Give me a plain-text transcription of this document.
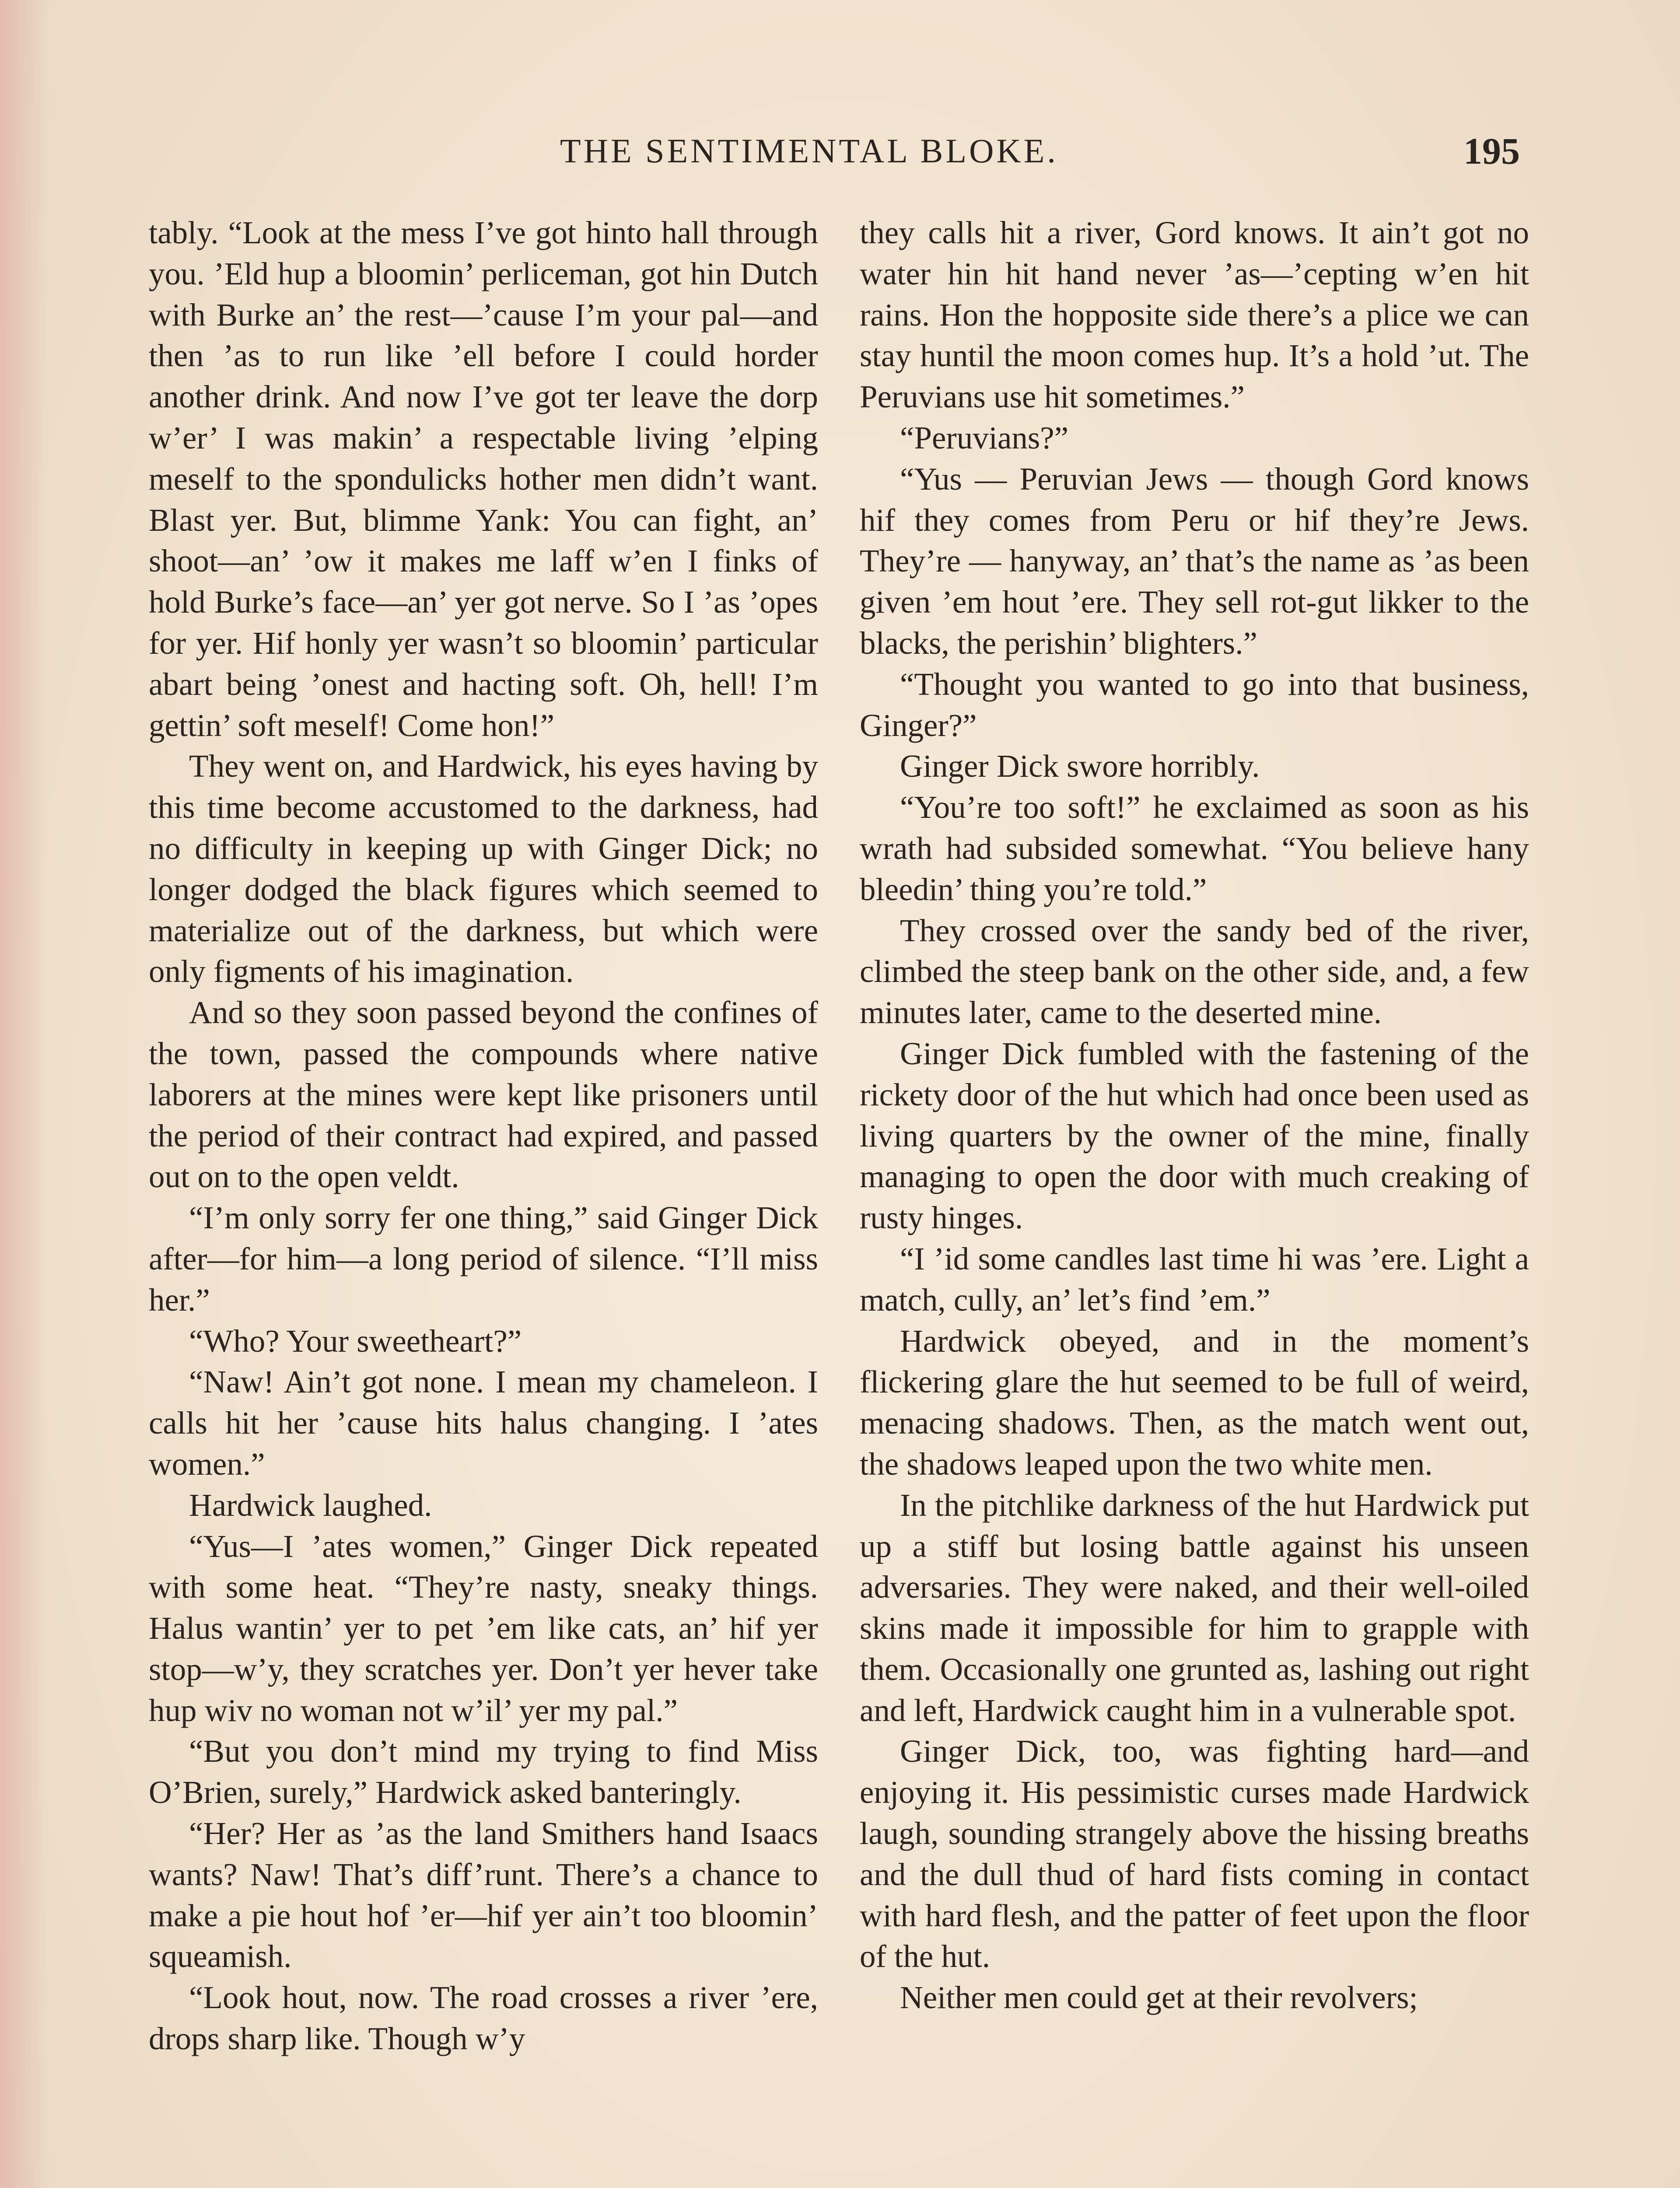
THE SENTIMENTAL BLOKE.	195

tably. “Look at the mess I’ve got hinto hall through you. ’Eld hup a bloomin’ perliceman, got hin Dutch with Burke an’ the rest—’cause I’m your pal—and then ’as to run like ’ell before I could horder another drink. And now I’ve got ter leave the dorp w’er’ I was makin’ a respectable living ’elping meself to the spondulicks hother men didn’t want. Blast yer. But, blimme Yank: You can fight, an’ shoot—an’ ’ow it makes me laff w’en I finks of hold Burke’s face—an’ yer got nerve. So I ’as ’opes for yer. Hif honly yer wasn’t so bloomin’ particular abart being ’onest and hacting soft. Oh, hell! I’m gettin’ soft meself! Come hon!”

They went on, and Hardwick, his eyes having by this time become accustomed to the darkness, had no difficulty in keeping up with Ginger Dick; no longer dodged the black figures which seemed to materialize out of the darkness, but which were only figments of his imagination.

And so they soon passed beyond the confines of the town, passed the compounds where native laborers at the mines were kept like prisoners until the period of their contract had expired, and passed out on to the open veldt.

“I’m only sorry fer one thing,” said Ginger Dick after—for him—a long period of silence. “I’ll miss her.”

“Who? Your sweetheart?”

“Naw! Ain’t got none. I mean my chameleon. I calls hit her ’cause hits halus changing. I ’ates women.”

Hardwick laughed.

“Yus—I ’ates women,” Ginger Dick repeated with some heat. “They’re nasty, sneaky things. Halus wantin’ yer to pet ’em like cats, an’ hif yer stop—w’y, they scratches yer. Don’t yer hever take hup wiv no woman not w’il’ yer my pal.”

“But you don’t mind my trying to find Miss O’Brien, surely,” Hardwick asked banteringly.

“Her? Her as ’as the land Smithers hand Isaacs wants? Naw! That’s diff’runt. There’s a chance to make a pie hout hof ’er—hif yer ain’t too bloomin’ squeamish.

“Look hout, now. The road crosses a river ’ere, drops sharp like. Though w’y

they calls hit a river, Gord knows. It ain’t got no water hin hit hand never ’as—’cepting w’en hit rains. Hon the hopposite side there’s a plice we can stay huntil the moon comes hup. It’s a hold ’ut. The Peruvians use hit sometimes.”

“Peruvians?”

“Yus — Peruvian Jews — though Gord knows hif they comes from Peru or hif they’re Jews. They’re — hanyway, an’ that’s the name as ’as been given ’em hout ’ere. They sell rot-gut likker to the blacks, the perishin’ blighters.”

“Thought you wanted to go into that business, Ginger?”

Ginger Dick swore horribly.

“You’re too soft!” he exclaimed as soon as his wrath had subsided somewhat. “You believe hany bleedin’ thing you’re told.”

They crossed over the sandy bed of the river, climbed the steep bank on the other side, and, a few minutes later, came to the deserted mine.

Ginger Dick fumbled with the fastening of the rickety door of the hut which had once been used as living quarters by the owner of the mine, finally managing to open the door with much creaking of rusty hinges.

“I ’id some candles last time hi was ’ere. Light a match, cully, an’ let’s find ’em.”

Hardwick obeyed, and in the moment’s flickering glare the hut seemed to be full of weird, menacing shadows. Then, as the match went out, the shadows leaped upon the two white men.

In the pitchlike darkness of the hut Hardwick put up a stiff but losing battle against his unseen adversaries. They were naked, and their well-oiled skins made it impossible for him to grapple with them. Occasionally one grunted as, lashing out right and left, Hardwick caught him in a vulnerable spot.

Ginger Dick, too, was fighting hard—and enjoying it. His pessimistic curses made Hardwick laugh, sounding strangely above the hissing breaths and the dull thud of hard fists coming in contact with hard flesh, and the patter of feet upon the floor of the hut.

Neither men could get at their revolvers;
